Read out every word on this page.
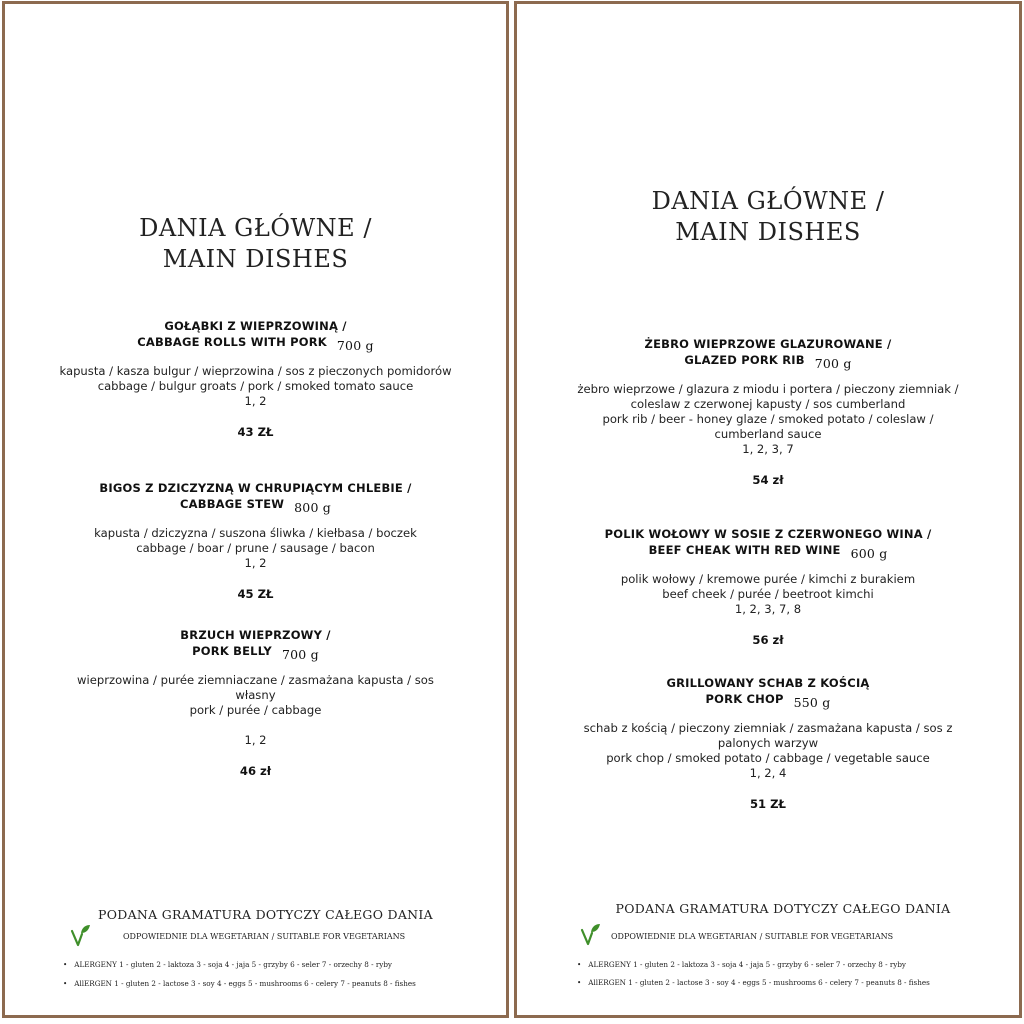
DANIA GŁÓWNE /
MAIN DISHES
GOŁĄBKI Z WIEPRZOWINĄ /
CABBAGE ROLLS WITH PORK 700 g
kapusta / kasza bulgur / wieprzowina / sos z pieczonych pomidorów
cabbage / bulgur groats / pork / smoked tomato sauce
1, 2
43 ZŁ
BIGOS Z DZICZYZNĄ W CHRUPIĄCYM CHLEBIE /
CABBAGE STEW 800 g
kapusta / dziczyzna / suszona śliwka / kiełbasa / boczek
cabbage / boar / prune / sausage / bacon
1, 2
45 ZŁ
BRZUCH WIEPRZOWY /
PORK BELLY 700 g
wieprzowina / purée ziemniaczane / zasmażana kapusta / sos
własny
pork / purée / cabbage
1, 2
46 zł
PODANA GRAMATURA DOTYCZY CAŁEGO DANIA
ODPOWIEDNIE DLA WEGETARIAN / SUITABLE FOR VEGETARIANS
• ALERGENY 1 - gluten 2 - laktoza 3 - soja 4 - jaja 5 - grzyby 6 - seler 7 - orzechy 8 - ryby
• AllERGEN 1 - gluten 2 - lactose 3 - soy 4 - eggs 5 - mushrooms 6 - celery 7 - peanuts 8 - fishes
DANIA GŁÓWNE /
MAIN DISHES
ŻEBRO WIEPRZOWE GLAZUROWANE /
GLAZED PORK RIB 700 g
żebro wieprzowe / glazura z miodu i portera / pieczony ziemniak /
coleslaw z czerwonej kapusty / sos cumberland
pork rib / beer - honey glaze / smoked potato / coleslaw /
cumberland sauce
1, 2, 3, 7
54 zł
POLIK WOŁOWY W SOSIE Z CZERWONEGO WINA /
BEEF CHEAK WITH RED WINE 600 g
polik wołowy / kremowe purée / kimchi z burakiem
beef cheek / purée / beetroot kimchi
1, 2, 3, 7, 8
56 zł
GRILLOWANY SCHAB Z KOŚCIĄ
PORK CHOP 550 g
schab z kością / pieczony ziemniak / zasmażana kapusta / sos z
palonych warzyw
pork chop / smoked potato / cabbage / vegetable sauce
1, 2, 4
51 ZŁ
PODANA GRAMATURA DOTYCZY CAŁEGO DANIA
ODPOWIEDNIE DLA WEGETARIAN / SUITABLE FOR VEGETARIANS
• ALERGENY 1 - gluten 2 - laktoza 3 - soja 4 - jaja 5 - grzyby 6 - seler 7 - orzechy 8 - ryby
• AllERGEN 1 - gluten 2 - lactose 3 - soy 4 - eggs 5 - mushrooms 6 - celery 7 - peanuts 8 - fishes
